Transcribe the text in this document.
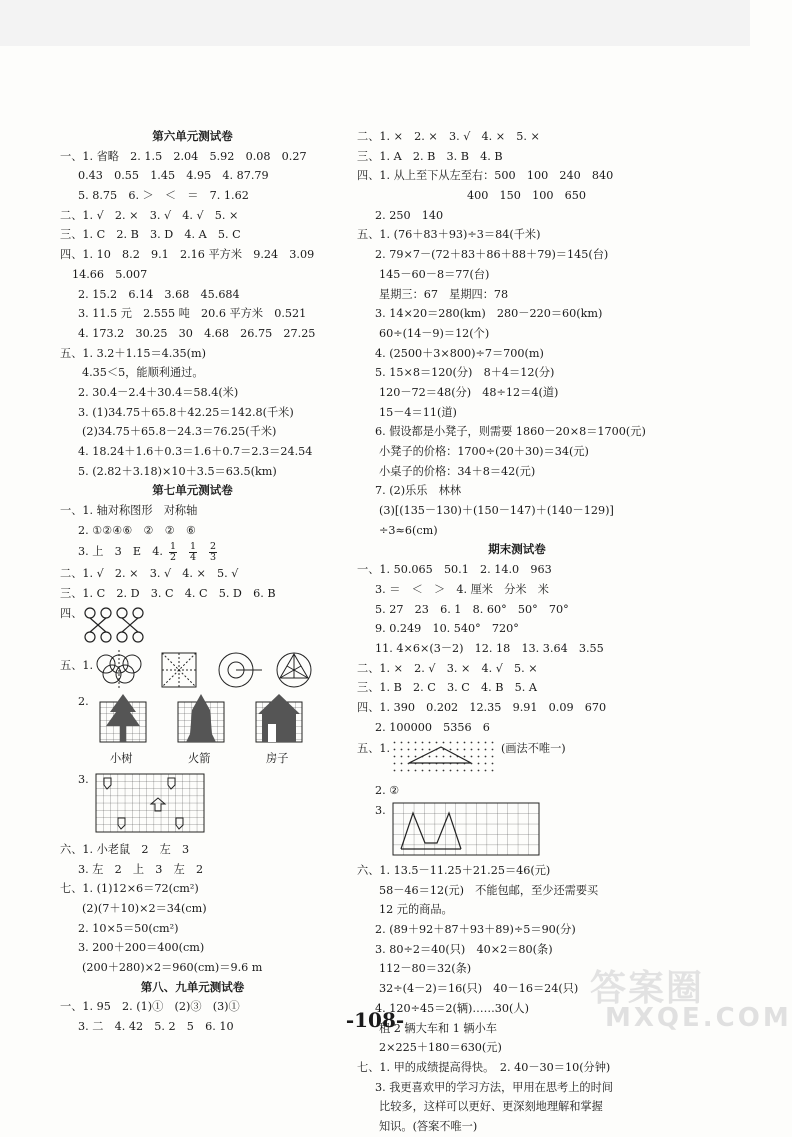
第六单元测试卷
一、1. 省略　2. 1.5　2.04　5.92　0.08　0.27
0.43　0.55　1.45　4.95　4. 87.79
5. 8.75　6. ＞　＜　＝　7. 1.62
二、1. √　2. ×　3. √　4. √　5. ×
三、1. C　2. B　3. D　4. A　5. C
四、1. 10　8.2　9.1　2.16 平方米　9.24　3.09
14.66　5.007
2. 15.2　6.14　3.68　45.684
3. 11.5 元　2.555 吨　20.6 平方米　0.521
4. 173.2　30.25　30　4.68　26.75　27.25
五、1. 3.2＋1.15＝4.35(m)
4.35＜5，能顺利通过。
2. 30.4－2.4＋30.4＝58.4(米)
3. (1)34.75＋65.8＋42.25＝142.8(千米)
(2)34.75＋65.8－24.3＝76.25(千米)
4. 18.24＋1.6＋0.3＝1.6＋0.7＝2.3＝24.54
5. (2.82＋3.18)×10＋3.5＝63.5(km)
第七单元测试卷
一、1. 轴对称图形　对称轴
2. ①②④⑥　②　②　⑥
3. 上　3　E　4. $\frac{1}{2} \frac{1}{4} \frac{2}{3}$
二、1. √　2. ×　3. √　4. ×　5. √
三、1. C　2. D　3. C　4. C　5. D　6. B
四、
五、1.
2.
小树	火箭	房子
3.
六、1. 小老鼠　2　左　3
3. 左　2　上　3　左　2
七、1. (1)12×6＝72(cm²)
(2)(7＋10)×2＝34(cm)
2. 10×5＝50(cm²)
3. 200＋200＝400(cm)
(200＋280)×2＝960(cm)＝9.6 m
第八、九单元测试卷
一、1. 95　2. (1)①　(2)③　(3)①
3. 二　4. 42　5. 2　5　6. 10
二、1. ×　2. ×　3. √　4. ×　5. ×
三、1. A　2. B　3. B　4. B
四、1. 从上至下从左至右：500　100　240　840
400　150　100　650
2. 250　140
五、1. (76＋83＋93)÷3＝84(千米)
2. 79×7－(72＋83＋86＋88＋79)＝145(台)
145－60－8＝77(台)
星期三：67　星期四：78
3. 14×20＝280(km)　280－220＝60(km)
60÷(14－9)＝12(个)
4. (2500＋3×800)÷7＝700(m)
5. 15×8＝120(分)　8＋4＝12(分)
120－72＝48(分)　48÷12＝4(道)
15－4＝11(道)
6. 假设都是小凳子，则需要 1860－20×8＝1700(元)
小凳子的价格：1700÷(20＋30)＝34(元)
小桌子的价格：34＋8＝42(元)
7. (2)乐乐　林林
(3)[(135－130)＋(150－147)＋(140－129)]
÷3≈6(cm)
期末测试卷
一、1. 50.065　50.1　2. 14.0　963
3. ＝　＜　＞　4. 厘米　分米　米
5. 27　23　6. 1　8. 60°　50°　70°
9. 0.249　10. 540°　720°
11. 4×6×(3－2)　12. 18　13. 3.64　3.55
二、1. ×　2. √　3. ×　4. √　5. ×
三、1. B　2. C　3. C　4. B　5. A
四、1. 390　0.202　12.35　9.91　0.09　670
2. 100000　5356　6
五、1.	(画法不唯一)
2. ②
3.
六、1. 13.5－11.25＋21.25＝46(元)
58－46＝12(元)　不能包邮，至少还需要买
12 元的商品。
2. (89＋92＋87＋93＋89)÷5＝90(分)
3. 80÷2＝40(只)　40×2＝80(条)
112－80＝32(条)
32÷(4－2)＝16(只)　40－16＝24(只)
4. 120÷45＝2(辆)……30(人)
租 2 辆大车和 1 辆小车
2×225＋180＝630(元)
七、1. 甲的成绩提高得快。　2. 40－30＝10(分钟)
3. 我更喜欢甲的学习方法，甲用在思考上的时间
比较多，这样可以更好、更深刻地理解和掌握
知识。(答案不唯一)
答案圈
MXQE.COM
-108-
